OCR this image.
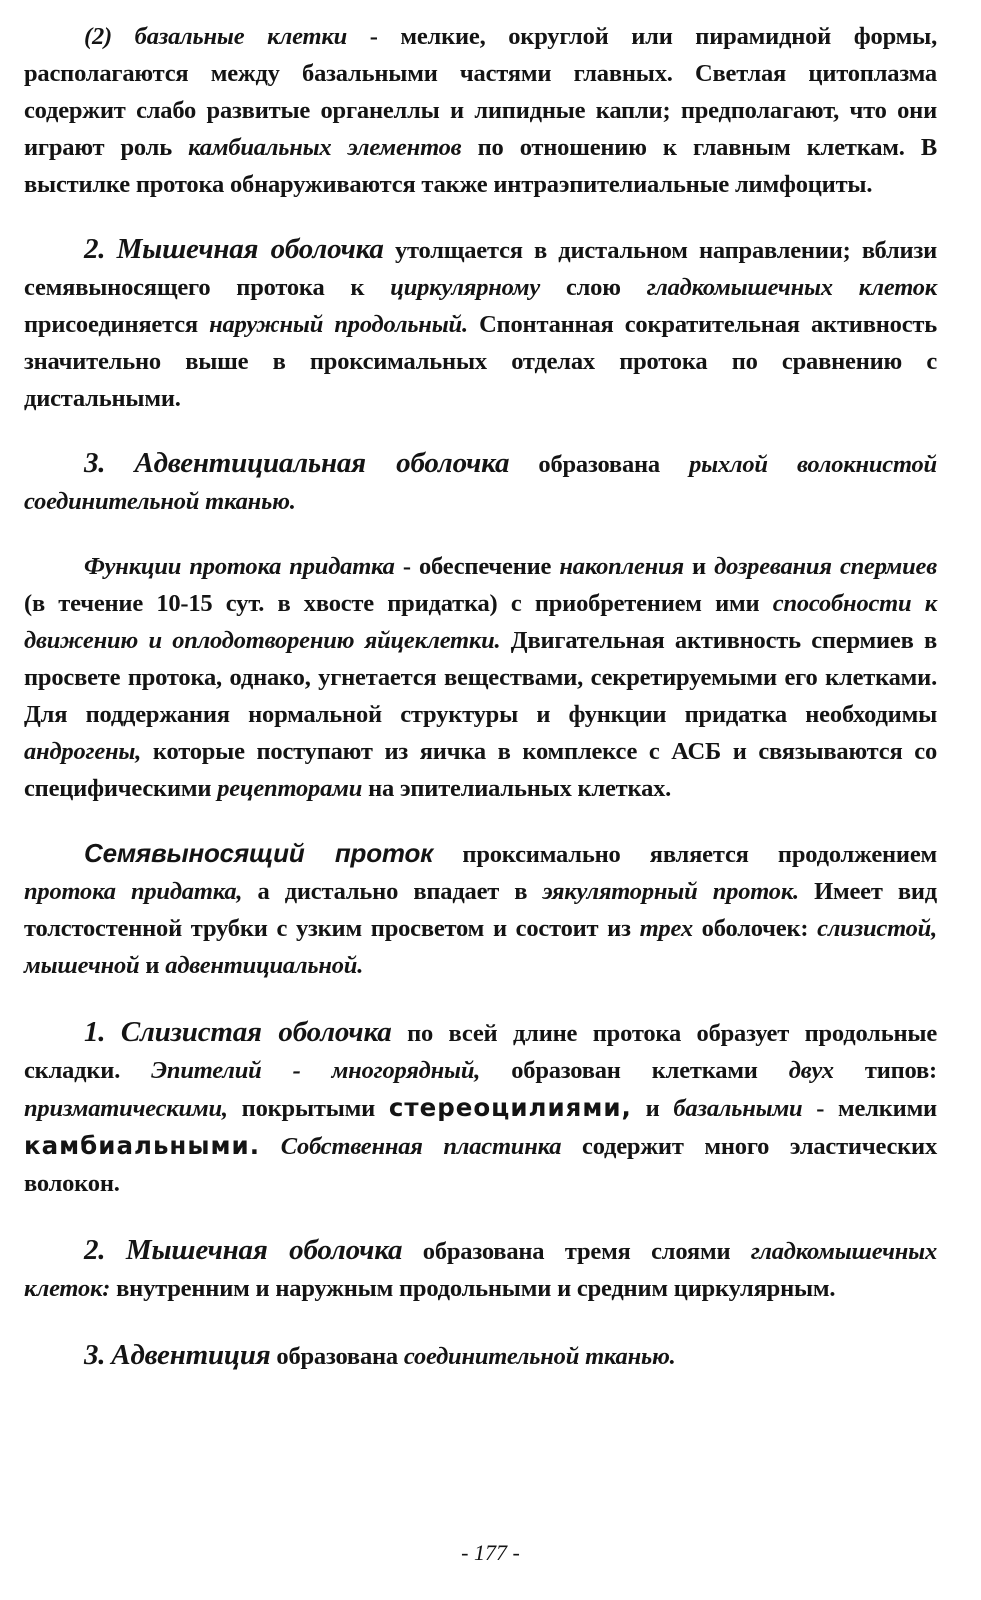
(2) базальные клетки - мелкие, округлой или пирамидной формы, располагаются между базальными частями главных. Светлая цитоплазма содержит слабо развитые органеллы и липидные капли; предполагают, что они играют роль камбиальных элементов по отношению к главным клеткам. В выстилке протока обнаруживаются также интраэпителиальные лимфоциты.

2. Мышечная оболочка утолщается в дистальном направлении; вблизи семявыносящего протока к циркулярному слою гладкомышечных клеток присоединяется наружный продольный. Спонтанная сократительная активность значительно выше в проксимальных отделах протока по сравнению с дистальными.

3. Адвентициальная оболочка образована рыхлой волокнистой соединительной тканью.

Функции протока придатка - обеспечение накопления и дозревания спермиев (в течение 10-15 сут. в хвосте придатка) с приобретением ими способности к движению и оплодотворению яйцеклетки. Двигательная активность спермиев в просвете протока, однако, угнетается веществами, секретируемыми его клетками. Для поддержания нормальной структуры и функции придатка необходимы андрогены, которые поступают из яичка в комплексе с АСБ и связываются со специфическими рецепторами на эпителиальных клетках.

Семявыносящий проток проксимально является продолжением протока придатка, а дистально впадает в эякуляторный проток. Имеет вид толстостенной трубки с узким просветом и состоит из трех оболочек: слизистой, мышечной и адвентициальной.

1. Слизистая оболочка по всей длине протока образует продольные складки. Эпителий - многорядный, образован клетками двух типов: призматическими, покрытыми стереоцилиями, и базальными - мелкими камбиальными. Собственная пластинка содержит много эластических волокон.

2. Мышечная оболочка образована тремя слоями гладкомышечных клеток: внутренним и наружным продольными и средним циркулярным.

3. Адвентиция образована соединительной тканью.

- 177 -
